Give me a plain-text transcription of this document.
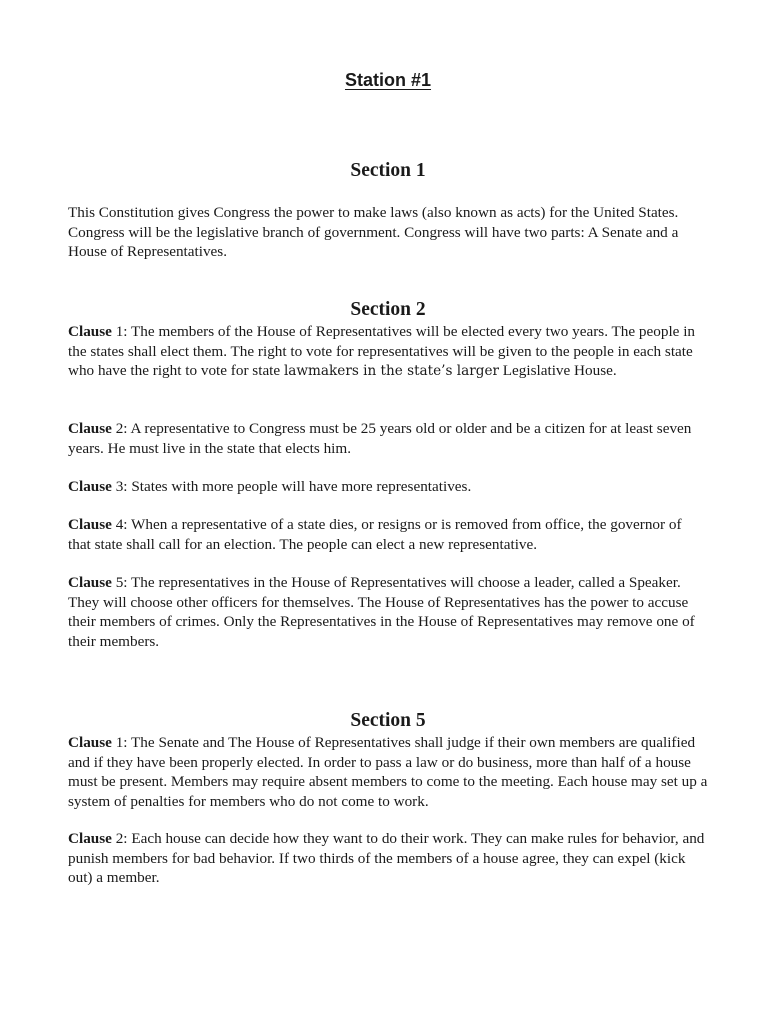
Station #1
Section 1

This Constitution gives Congress the power to make laws (also known as acts) for the United States. Congress will be the legislative branch of government. Congress will have two parts: A Senate and a House of Representatives.

Section 2

Clause 1: The members of the House of Representatives will be elected every two years. The people in the states shall elect them. The right to vote for representatives will be given to the people in each state who have the right to vote for state lawmakers in the state’s larger Legislative House.

Clause 2: A representative to Congress must be 25 years old or older and be a citizen for at least seven years. He must live in the state that elects him.

Clause 3: States with more people will have more representatives.

Clause 4: When a representative of a state dies, or resigns or is removed from office, the governor of that state shall call for an election. The people can elect a new representative.

Clause 5: The representatives in the House of Representatives will choose a leader, called a Speaker. They will choose other officers for themselves. The House of Representatives has the power to accuse their members of crimes. Only the Representatives in the House of Representatives may remove one of their members.

Section 5

Clause 1: The Senate and The House of Representatives shall judge if their own members are qualified and if they have been properly elected. In order to pass a law or do business, more than half of a house must be present. Members may require absent members to come to the meeting. Each house may set up a system of penalties for members who do not come to work.

Clause 2: Each house can decide how they want to do their work. They can make rules for behavior, and punish members for bad behavior. If two thirds of the members of a house agree, they can expel (kick out) a member.
